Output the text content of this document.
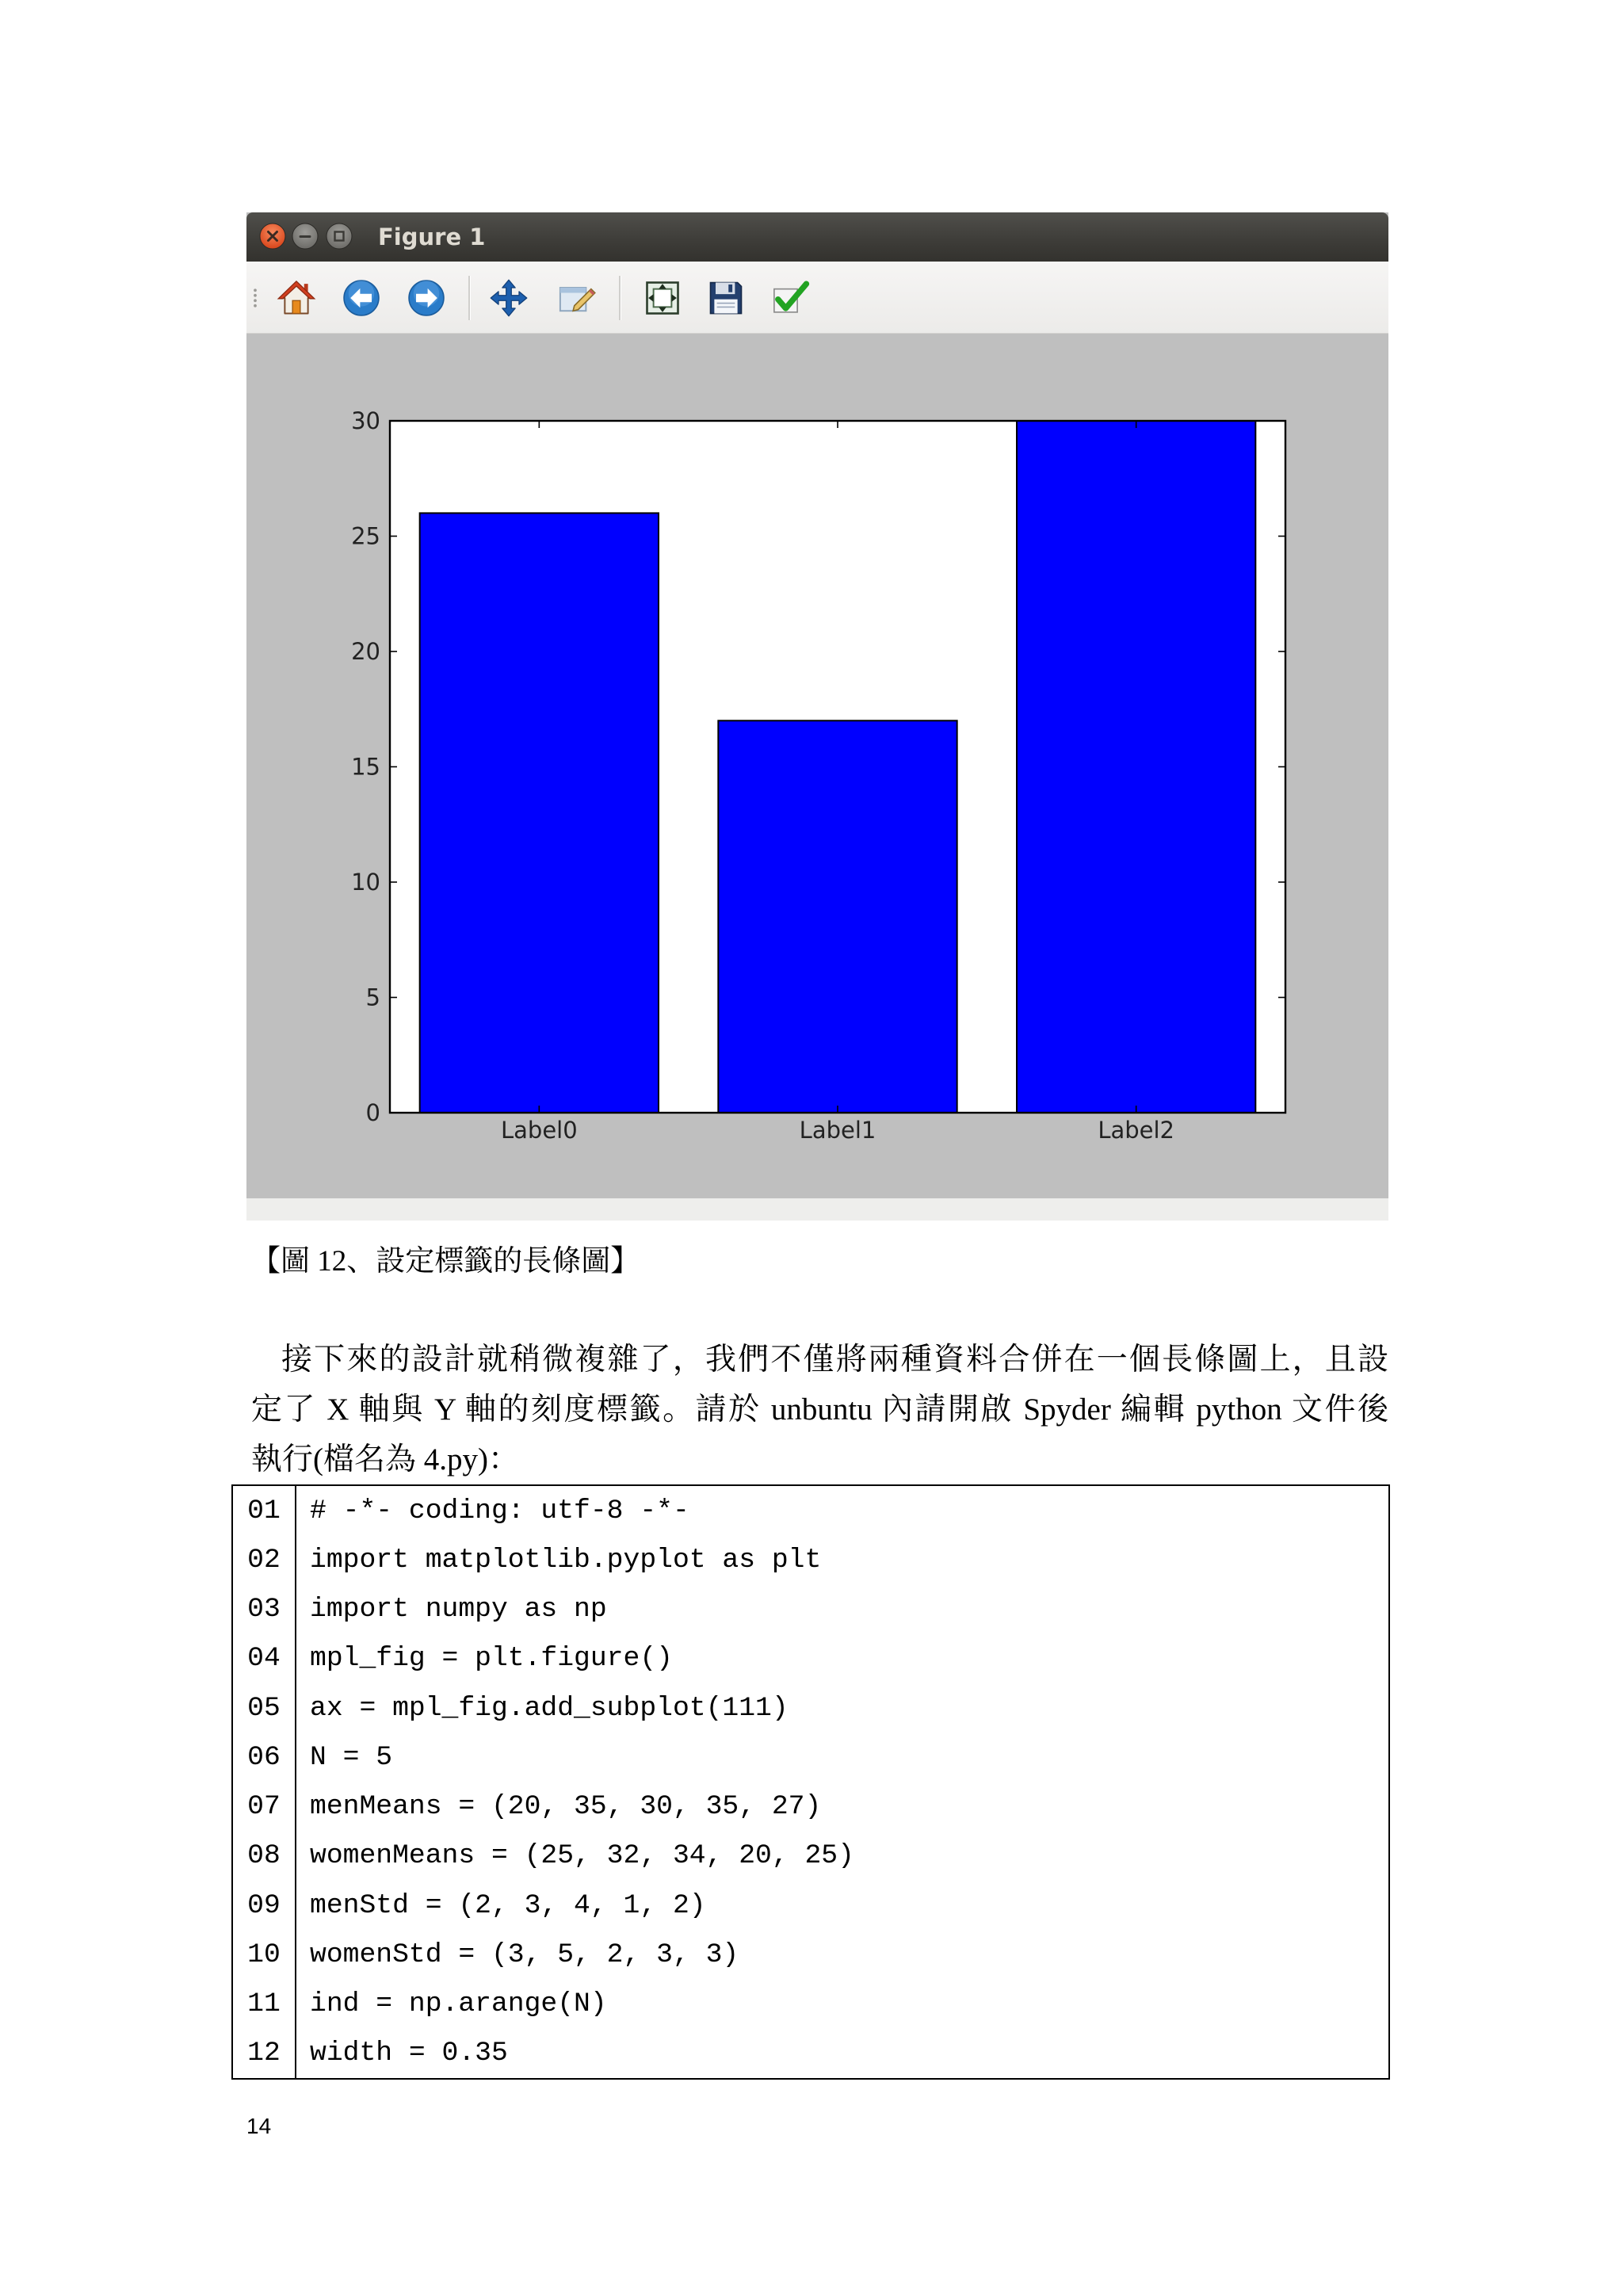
Figure 1
0
5
10
15
20
25
30
Label0	Label1	Label2
【圖 12、設定標籤的長條圖】
接下來的設計就稍微複雜了，我們不僅將兩種資料合併在一個長條圖上，且設
定了 X 軸與 Y 軸的刻度標籤。請於 unbuntu 內請開啟 Spyder 編輯 python 文件後
執行(檔名為 4.py)：
01	# -*- coding: utf-8 -*-
02	import matplotlib.pyplot as plt
03	import numpy as np
04	mpl_fig = plt.figure()
05	ax = mpl_fig.add_subplot(111)
06	N = 5
07	menMeans = (20, 35, 30, 35, 27)
08	womenMeans = (25, 32, 34, 20, 25)
09	menStd = (2, 3, 4, 1, 2)
10	womenStd = (3, 5, 2, 3, 3)
11	ind = np.arange(N)
12	width = 0.35
14
